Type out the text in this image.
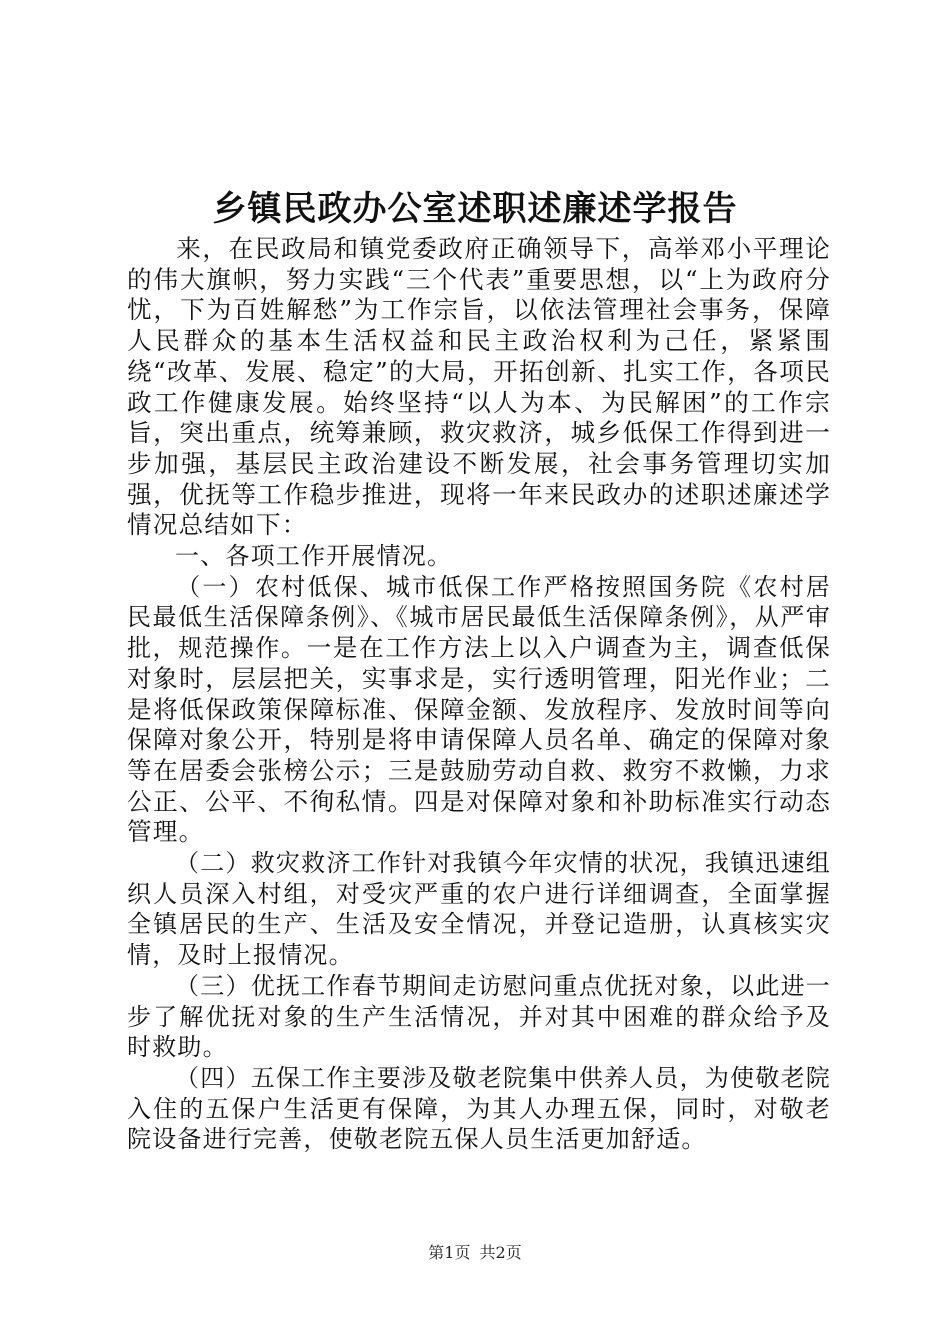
乡镇民政办公室述职述廉述学报告

来，在民政局和镇党委政府正确领导下，高举邓小平理论的伟大旗帜，努力实践“三个代表”重要思想，以“上为政府分忧，下为百姓解愁”为工作宗旨，以依法管理社会事务，保障人民群众的基本生活权益和民主政治权利为己任，紧紧围绕“改革、发展、稳定”的大局，开拓创新、扎实工作，各项民政工作健康发展。始终坚持“以人为本、为民解困”的工作宗旨，突出重点，统筹兼顾，救灾救济，城乡低保工作得到进一步加强，基层民主政治建设不断发展，社会事务管理切实加强，优抚等工作稳步推进，现将一年来民政办的述职述廉述学情况总结如下：

一、各项工作开展情况。

（一）农村低保、城市低保工作严格按照国务院《农村居民最低生活保障条例》、《城市居民最低生活保障条例》，从严审批，规范操作。一是在工作方法上以入户调查为主，调查低保对象时，层层把关，实事求是，实行透明管理，阳光作业；二是将低保政策保障标准、保障金额、发放程序、发放时间等向保障对象公开，特别是将申请保障人员名单、确定的保障对象等在居委会张榜公示；三是鼓励劳动自救、救穷不救懒，力求公正、公平、不徇私情。四是对保障对象和补助标准实行动态管理。

（二）救灾救济工作针对我镇今年灾情的状况，我镇迅速组织人员深入村组，对受灾严重的农户进行详细调查，全面掌握全镇居民的生产、生活及安全情况，并登记造册，认真核实灾情，及时上报情况。

（三）优抚工作春节期间走访慰问重点优抚对象，以此进一步了解优抚对象的生产生活情况，并对其中困难的群众给予及时救助。

（四）五保工作主要涉及敬老院集中供养人员，为使敬老院入住的五保户生活更有保障，为其人办理五保，同时，对敬老院设备进行完善，使敬老院五保人员生活更加舒适。

第1页 共2页
